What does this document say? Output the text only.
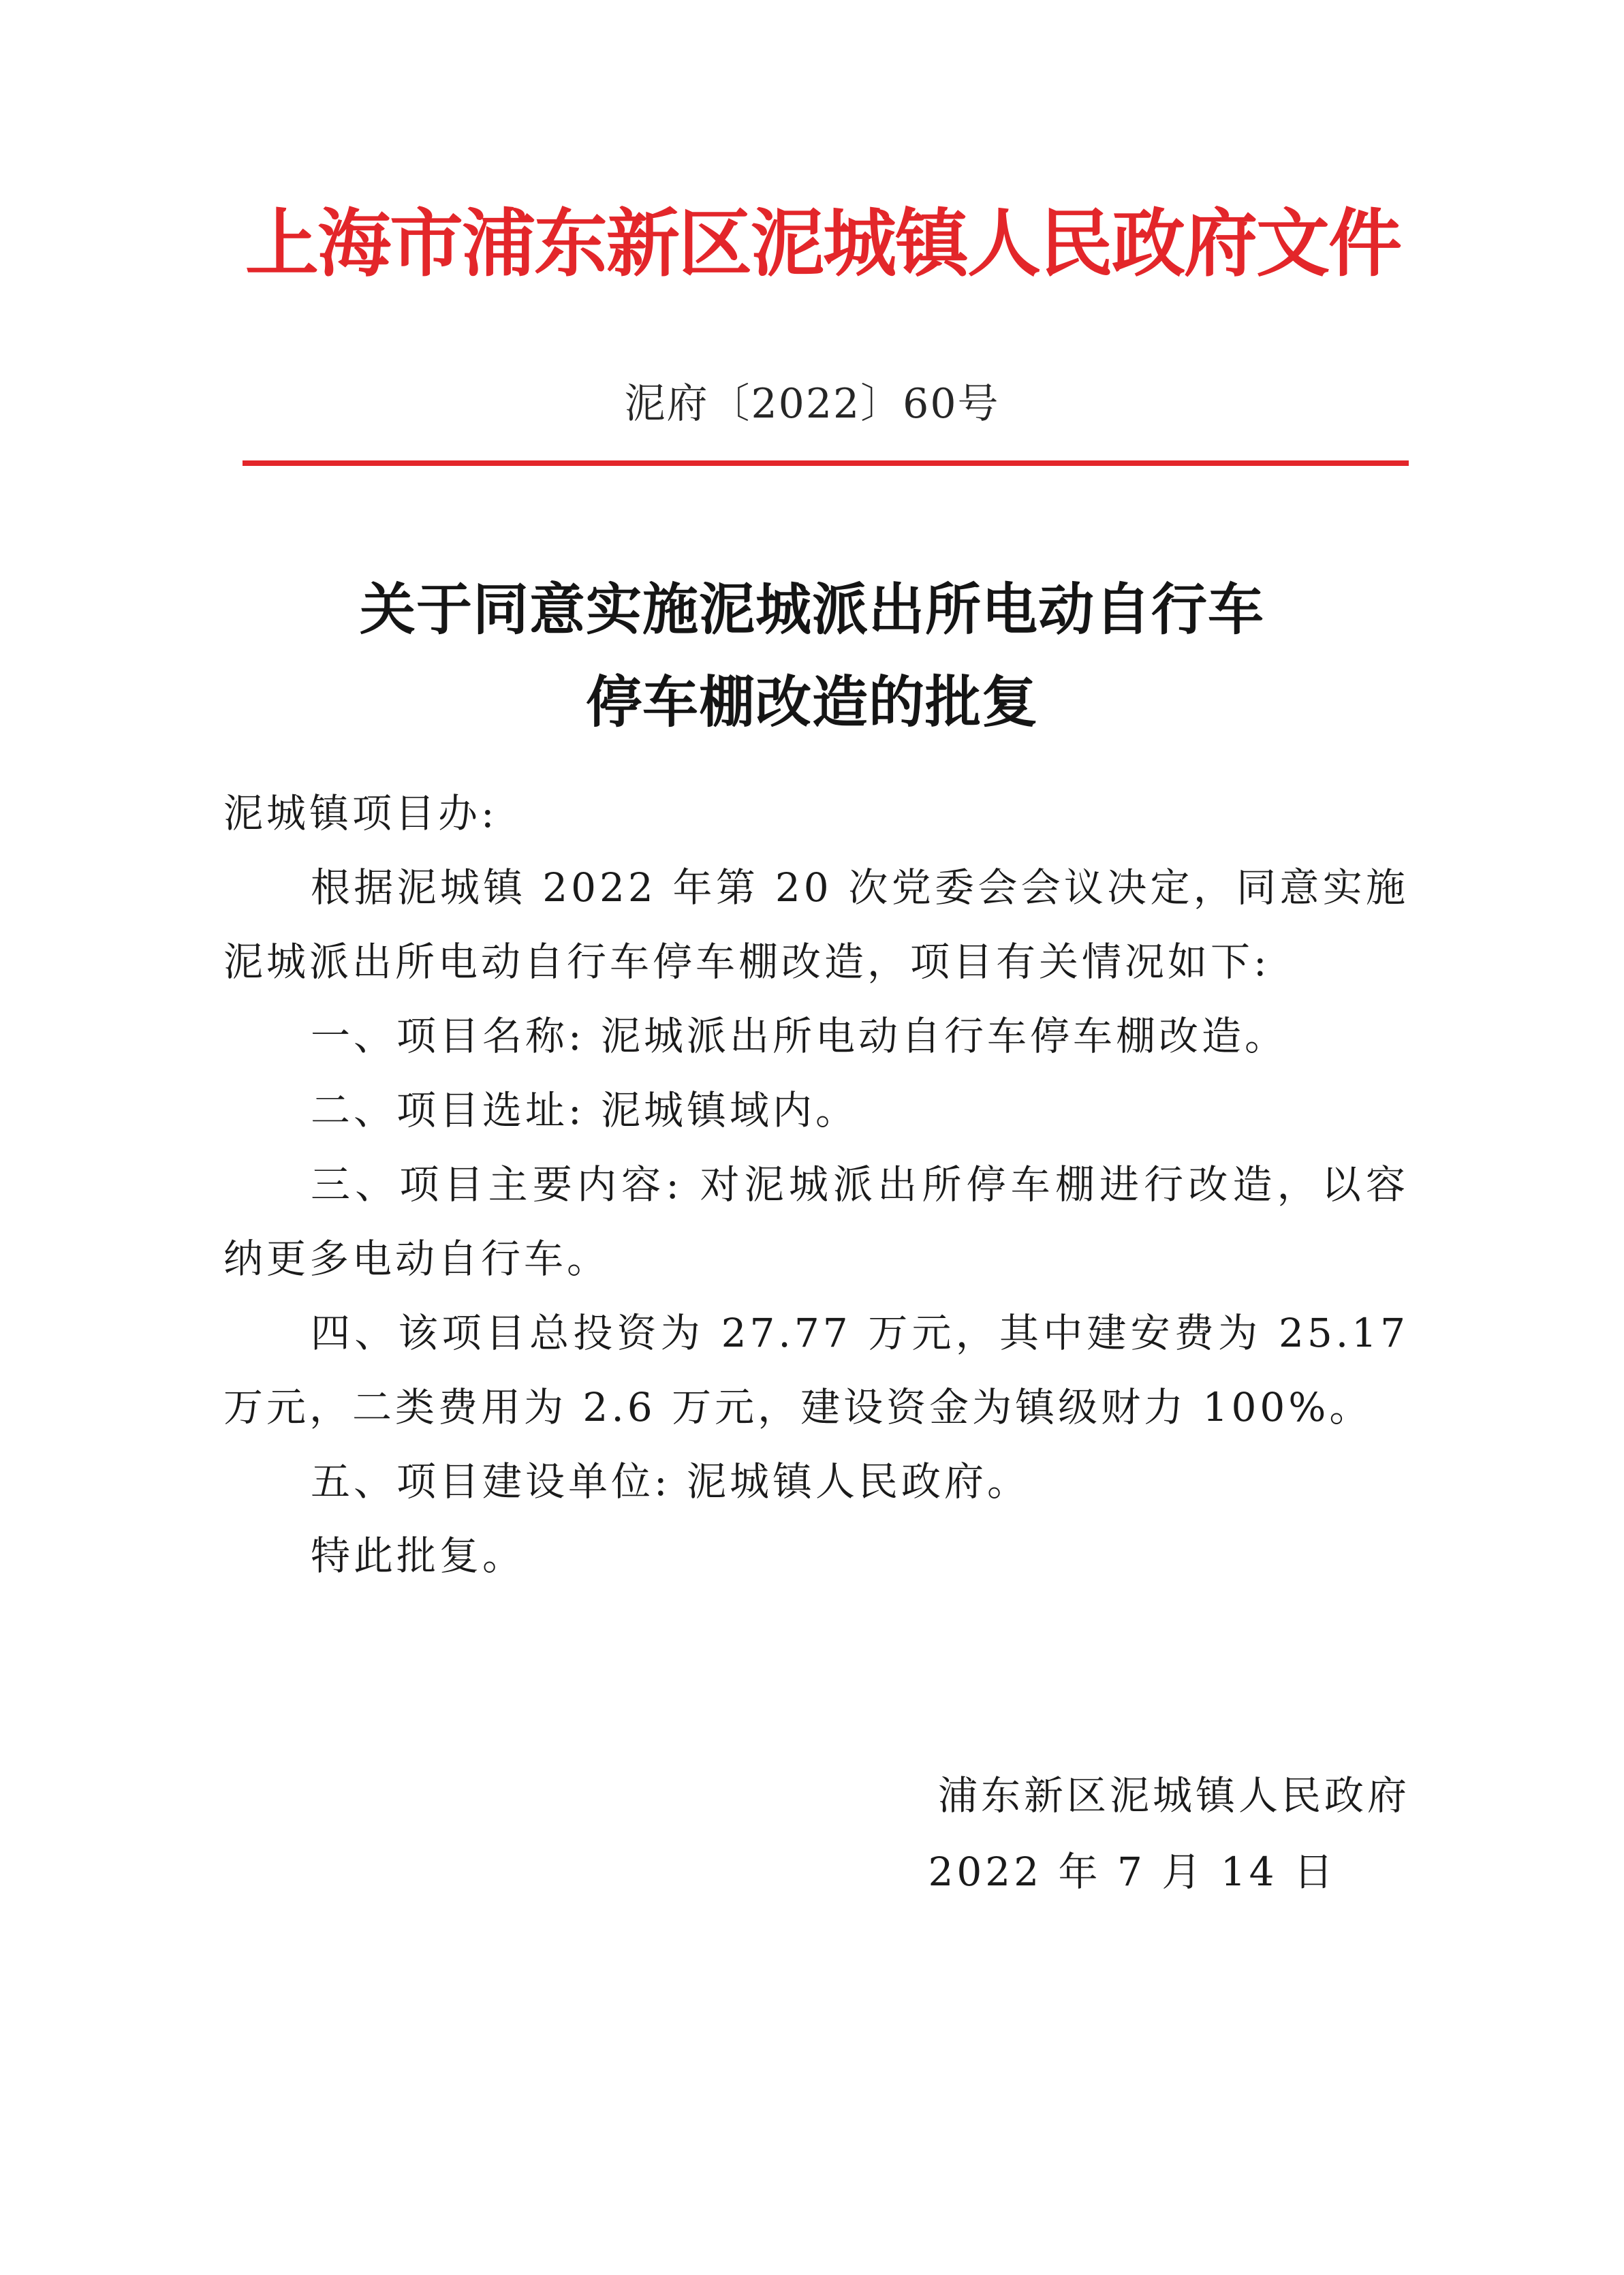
上海市浦东新区泥城镇人民政府文件
泥府〔2022〕60号
关于同意实施泥城派出所电动自行车
停车棚改造的批复

泥城镇项目办:

根据泥城镇 2022 年第 20 次党委会会议决定，同意实施泥城派出所电动自行车停车棚改造，项目有关情况如下:

一、项目名称: 泥城派出所电动自行车停车棚改造。

二、项目选址: 泥城镇域内。

三、项目主要内容: 对泥城派出所停车棚进行改造，以容纳更多电动自行车。

四、该项目总投资为 27.77 万元，其中建安费为 25.17 万元，二类费用为 2.6 万元，建设资金为镇级财力 100%。

五、项目建设单位: 泥城镇人民政府。

特此批复。

浦东新区泥城镇人民政府
2022 年 7 月 14 日
